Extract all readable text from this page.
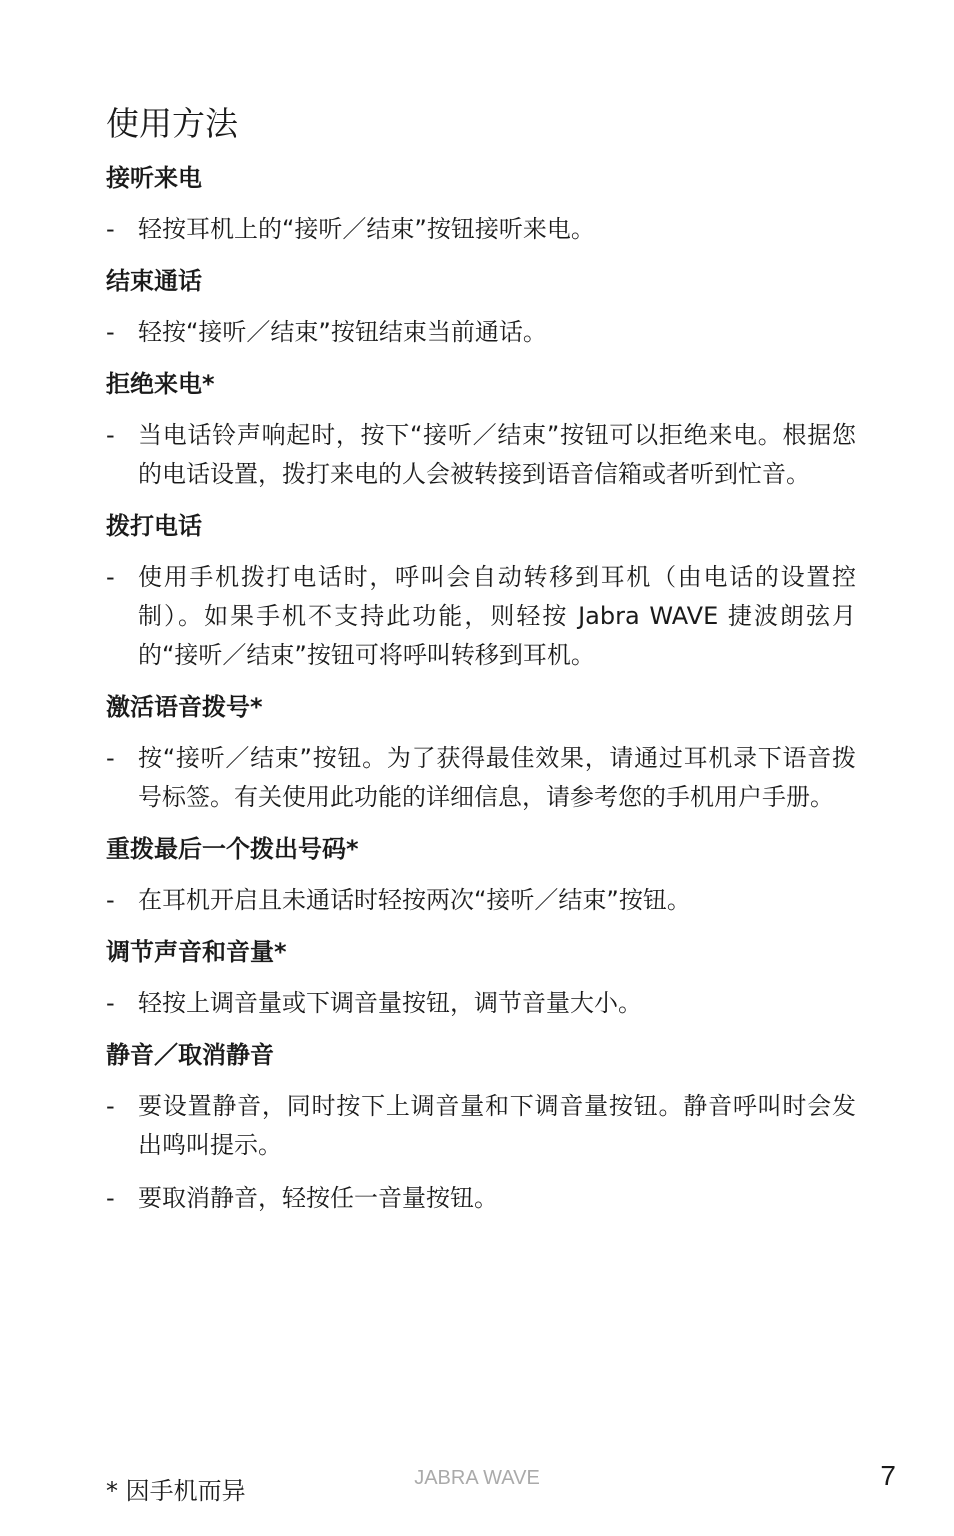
使用方法
接听来电
- 轻按耳机上的“接听／结束”按钮接听来电。
结束通话
- 轻按“接听／结束”按钮结束当前通话。
拒绝来电*
- 当电话铃声响起时，按下“接听／结束”按钮可以拒绝来电。根据您的电话设置，拨打来电的人会被转接到语音信箱或者听到忙音。
拨打电话
- 使用手机拨打电话时，呼叫会自动转移到耳机（由电话的设置控制）。如果手机不支持此功能，则轻按 Jabra WAVE 捷波朗弦月的“接听／结束”按钮可将呼叫转移到耳机。
激活语音拨号*
- 按“接听／结束”按钮。为了获得最佳效果，请通过耳机录下语音拨号标签。有关使用此功能的详细信息，请参考您的手机用户手册。
重拨最后一个拨出号码*
- 在耳机开启且未通话时轻按两次“接听／结束”按钮。
调节声音和音量*
- 轻按上调音量或下调音量按钮，调节音量大小。
静音／取消静音
- 要设置静音，同时按下上调音量和下调音量按钮。静音呼叫时会发出鸣叫提示。
- 要取消静音，轻按任一音量按钮。
* 因手机而异	JABRA WAVE	7
